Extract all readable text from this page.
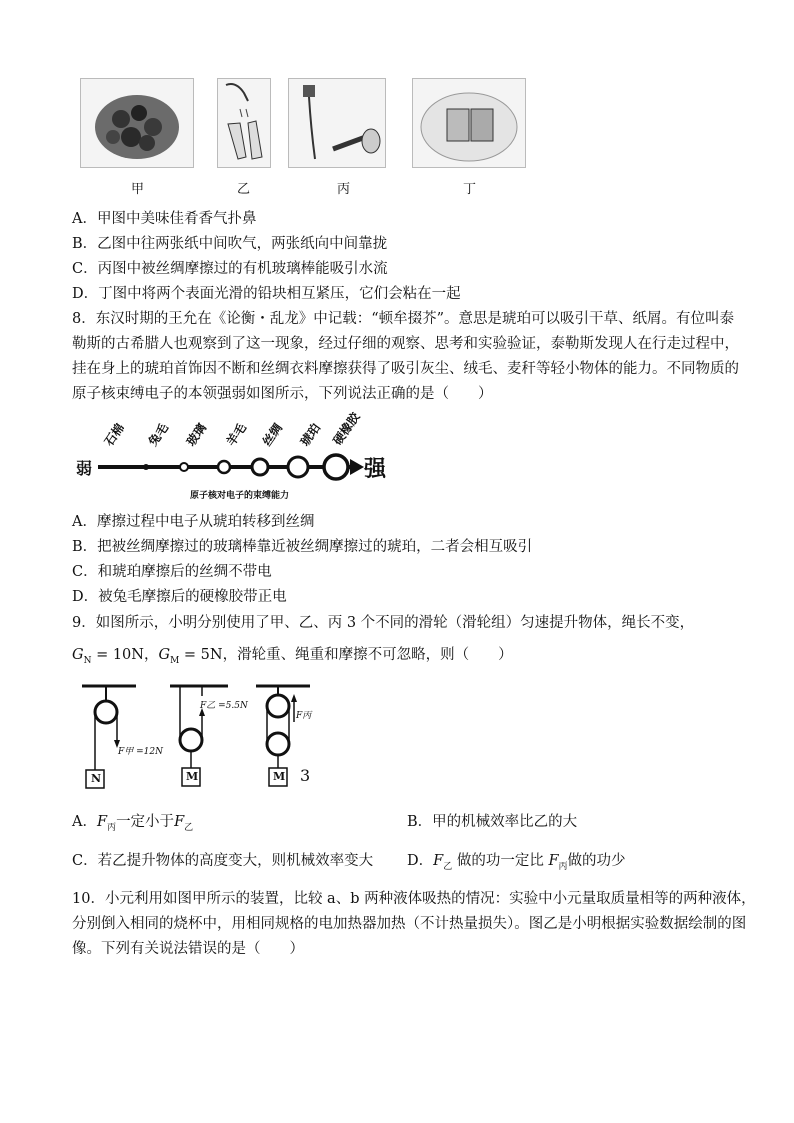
甲	乙	丙	丁
A．甲图中美味佳肴香气扑鼻
B．乙图中往两张纸中间吹气，两张纸向中间靠拢
C．丙图中被丝绸摩擦过的有机玻璃棒能吸引水流
D．丁图中将两个表面光滑的铅块相互紧压，它们会粘在一起
8．东汉时期的王允在《论衡・乱龙》中记载：“顿牟掇芥”。意思是琥珀可以吸引干草、纸屑。有位叫泰
勒斯的古希腊人也观察到了这一现象，经过仔细的观察、思考和实验验证，泰勒斯发现人在行走过程中，
挂在身上的琥珀首饰因不断和丝绸衣料摩擦获得了吸引灰尘、绒毛、麦秆等轻小物体的能力。不同物质的
原子核束缚电子的本领强弱如图所示，下列说法正确的是（　　）
弱	强
石棉 兔毛 玻璃 羊毛 丝绸 琥珀 硬橡胶
原子核对电子的束缚能力
A．摩擦过程中电子从琥珀转移到丝绸
B．把被丝绸摩擦过的玻璃棒靠近被丝绸摩擦过的琥珀，二者会相互吸引
C．和琥珀摩擦后的丝绸不带电
D．被兔毛摩擦后的硬橡胶带正电
9．如图所示，小明分别使用了甲、乙、丙 3 个不同的滑轮（滑轮组）匀速提升物体，绳长不变，
$G_N = 10N$，$G_M = 5N$，滑轮重、绳重和摩擦不可忽略，则（　　）
F甲 =12N
F乙 =5.5N
F丙
N	M	M 3
A．$F_丙$一定小于$F_乙$	B．甲的机械效率比乙的大
C．若乙提升物体的高度变大，则机械效率变大 D．$F_乙$ 做的功一定比 $F_丙$做的功少
10．小元利用如图甲所示的装置，比较 a、b 两种液体吸热的情况：实验中小元量取质量相等的两种液体，
分别倒入相同的烧杯中，用相同规格的电加热器加热（不计热量损失）。图乙是小明根据实验数据绘制的图
像。下列有关说法错误的是（　　）
